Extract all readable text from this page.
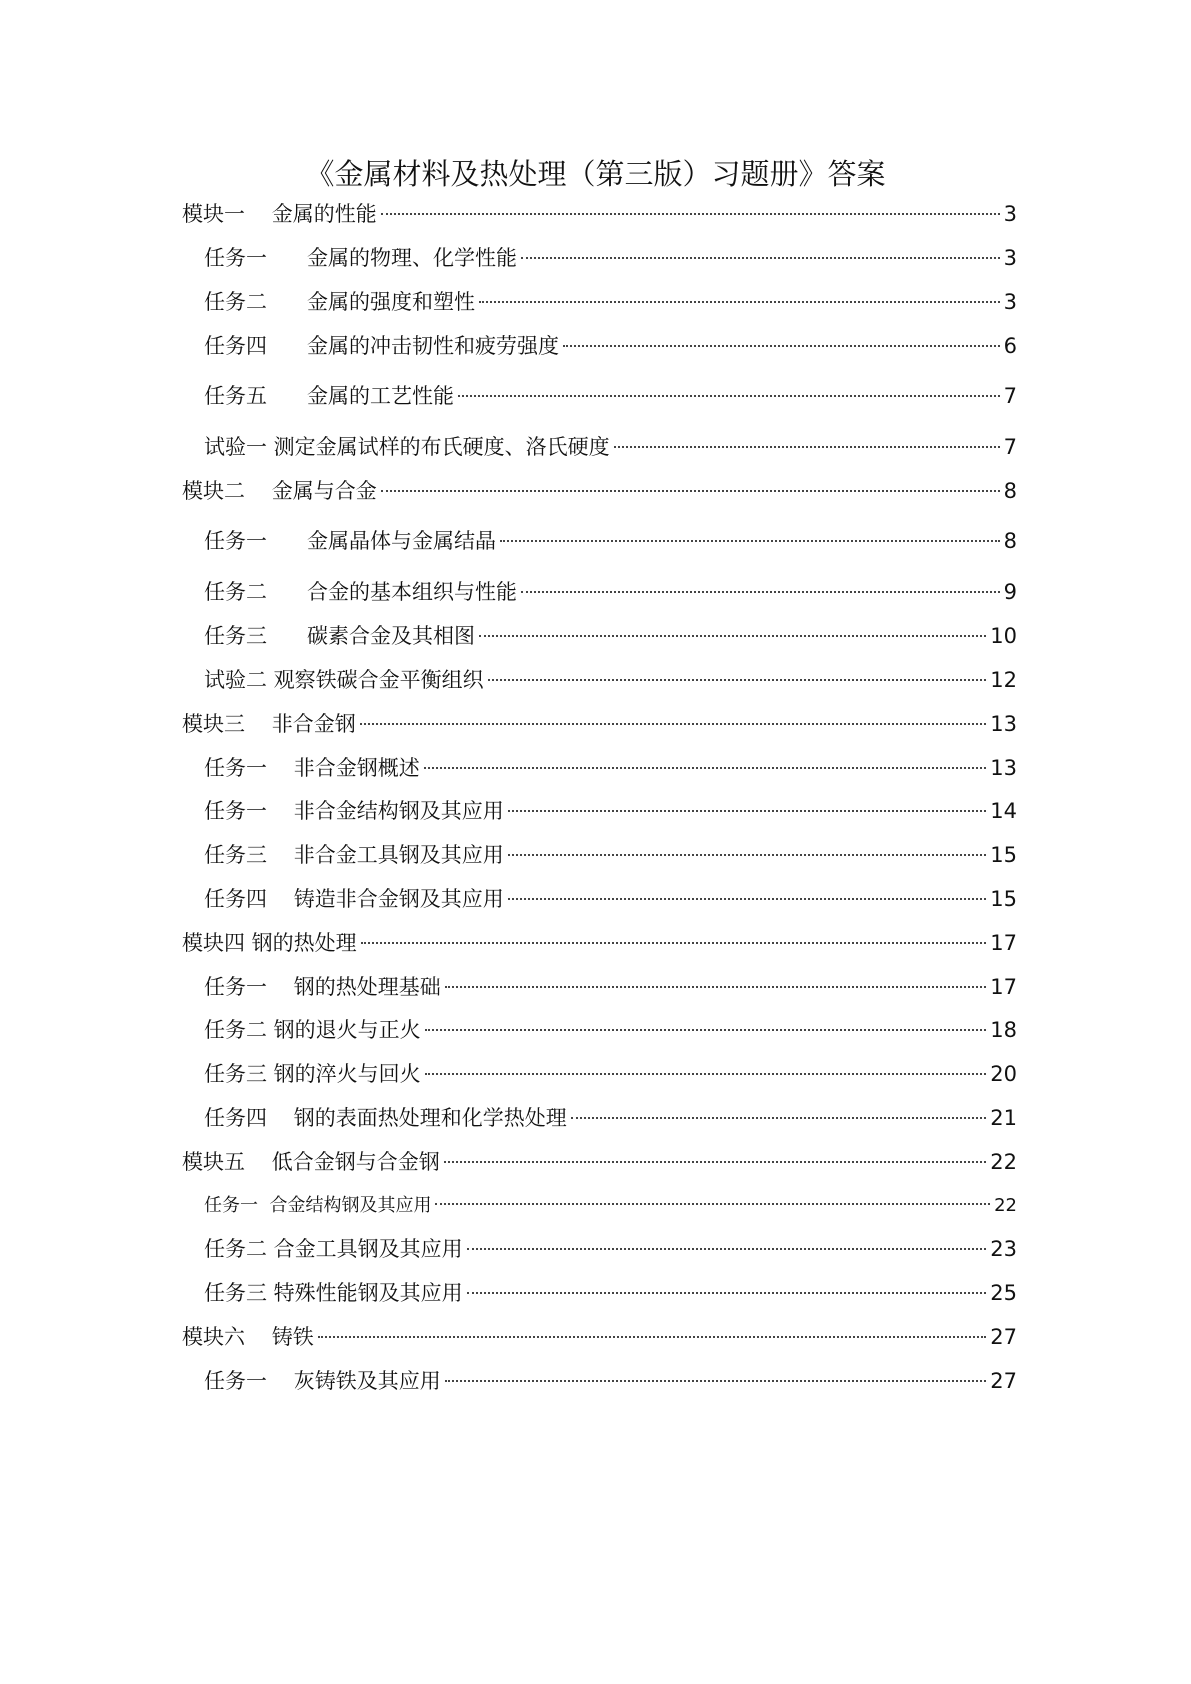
《金属材料及热处理（第三版）习题册》答案
模块一    金属的性能	3
任务一      金属的物理、化学性能	3
任务二      金属的强度和塑性	3
任务四      金属的冲击韧性和疲劳强度	6
任务五      金属的工艺性能	7
试验一 测定金属试样的布氏硬度、洛氏硬度	7
模块二    金属与合金	8
任务一      金属晶体与金属结晶	8
任务二      合金的基本组织与性能	9
任务三      碳素合金及其相图	10
试验二 观察铁碳合金平衡组织	12
模块三    非合金钢	13
任务一    非合金钢概述	13
任务一    非合金结构钢及其应用	14
任务三    非合金工具钢及其应用	15
任务四    铸造非合金钢及其应用	15
模块四 钢的热处理	17
任务一    钢的热处理基础	17
任务二 钢的退火与正火	18
任务三 钢的淬火与回火	20
任务四    钢的表面热处理和化学热处理	21
模块五    低合金钢与合金钢	22
任务一  合金结构钢及其应用	22
任务二 合金工具钢及其应用	23
任务三 特殊性能钢及其应用	25
模块六    铸铁	27
任务一    灰铸铁及其应用	27
